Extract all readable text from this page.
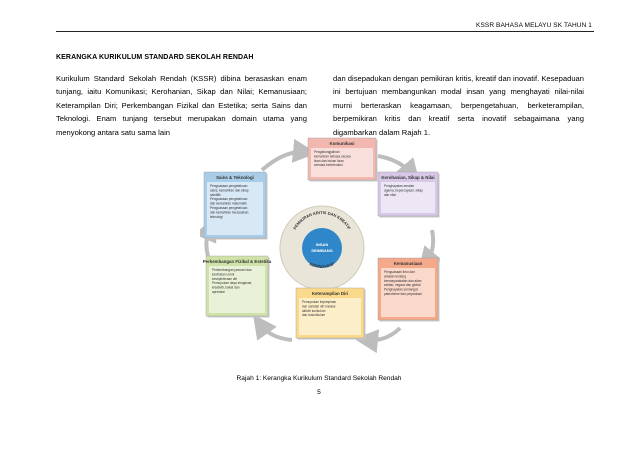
KSSR BAHASA MELAYU SK TAHUN 1
KERANGKA KURIKULUM STANDARD SEKOLAH RENDAH
Kurikulum Standard Sekolah Rendah (KSSR) dibina berasaskan enam tunjang, iaitu Komunikasi; Kerohanian, Sikap dan Nilai; Kemanusiaan; Keterampilan Diri; Perkembangan Fizikal dan Estetika; serta Sains dan Teknologi. Enam tunjang tersebut merupakan domain utama yang menyokong antara satu sama lain
dan disepadukan dengan pemikiran kritis, kreatif dan inovatif. Kesepaduan ini bertujuan membangunkan modal insan yang menghayati nilai-nilai murni berteraskan keagamaan, berpengetahuan, berketerampilan, berpemikiran kritis dan kreatif serta inovatif sebagaimana yang digambarkan dalam Rajah 1.
PEMIKIRAN KRITIS DAN KREATIF
BERINOVATIF
INSAN
SEIMBANG
Komunikasi
Pengabungjalinan
kemahiran bahasa secara
lisan dan bukan lisan
semasa berinteraksi
Kerohanian, Sikap & Nilai
Penghayatan amalan
agama, kepercayaan, sikap
dan nilai
Kemanusiaan
Penguasaan ilmu dan
amalan tentang
kemasyarakatan dan alam
sekitar, negara dan global
Penghayatan semangat
patriotisme dan perpaduan
Keterampilan Diri
Pemupukan kepimpinan
dan sahsiah diri melalui
aktiviti kurikulum
dan kokurikulum
Perkembangan Fizikal & Estetika
Perkembangan jasmani dan
kesihatan untuk
kesejahteraan diri
Pemupukan daya imaginasi,
kreativiti, bakat dan
apresiasi
Sains & Teknologi
Penguasaan pengetahuan
sains, kemahiran dan sikap
saintifik
Penguasaan pengetahuan
dan kemahiran matematik
Penguasaan pengetahuan
dan kemahiran berasaskan
teknologi
Rajah 1: Kerangka Kurikulum Standard Sekolah Rendah
5
